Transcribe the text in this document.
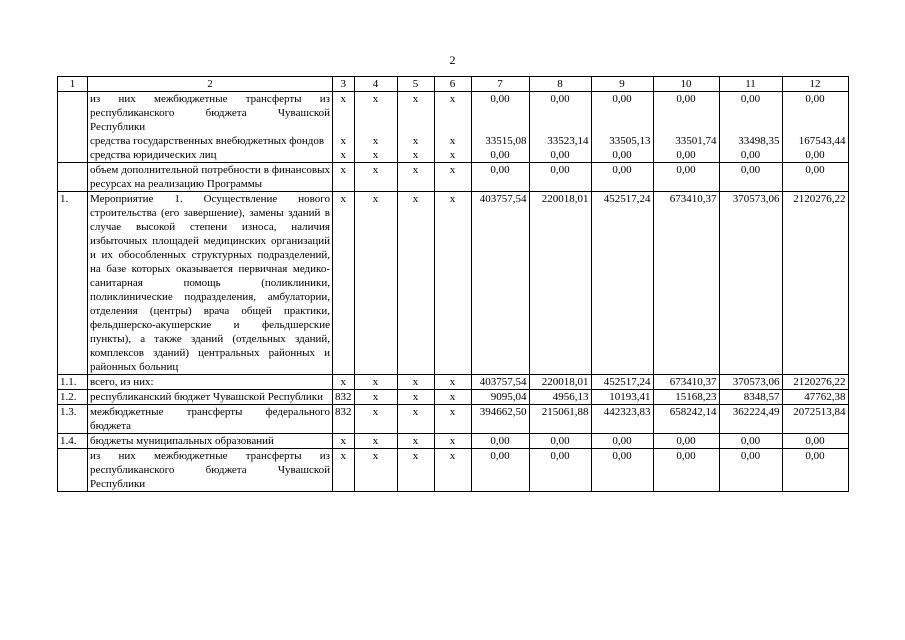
2
1	2	3	4	5	6	7	8	9	10	11	12
	из них межбюджетные трансферты из республиканского бюджета Чувашской Республики	х	х	х	х	0,00	0,00	0,00	0,00	0,00	0,00
	средства государственных внебюджетных фондов	х	х	х	х	33515,08	33523,14	33505,13	33501,74	33498,35	167543,44
	средства юридических лиц	х	х	х	х	0,00	0,00	0,00	0,00	0,00	0,00
	объем дополнительной потребности в финансовых ресурсах на реализацию Программы	х	х	х	х	0,00	0,00	0,00	0,00	0,00	0,00
1.	Мероприятие 1. Осуществление нового строительства (его завершение), замены зданий в случае высокой степени износа, наличия избыточных площадей медицинских организаций и их обособленных структурных подразделений, на базе которых оказывается первичная медико-санитарная помощь (поликлиники, поликлинические подразделения, амбулатории, отделения (центры) врача общей практики, фельдшерско-акушерские и фельдшерские пункты), а также зданий (отдельных зданий, комплексов зданий) центральных районных и районных больниц	х	х	х	х	403757,54	220018,01	452517,24	673410,37	370573,06	2120276,22
1.1.	всего, из них:	х	х	х	х	403757,54	220018,01	452517,24	673410,37	370573,06	2120276,22
1.2.	республиканский бюджет Чувашской Республики	832	х	х	х	9095,04	4956,13	10193,41	15168,23	8348,57	47762,38
1.3.	межбюджетные трансферты федерального бюджета	832	х	х	х	394662,50	215061,88	442323,83	658242,14	362224,49	2072513,84
1.4.	бюджеты муниципальных образований	х	х	х	х	0,00	0,00	0,00	0,00	0,00	0,00
	из них межбюджетные трансферты из республиканского бюджета Чувашской Республики	х	х	х	х	0,00	0,00	0,00	0,00	0,00	0,00
